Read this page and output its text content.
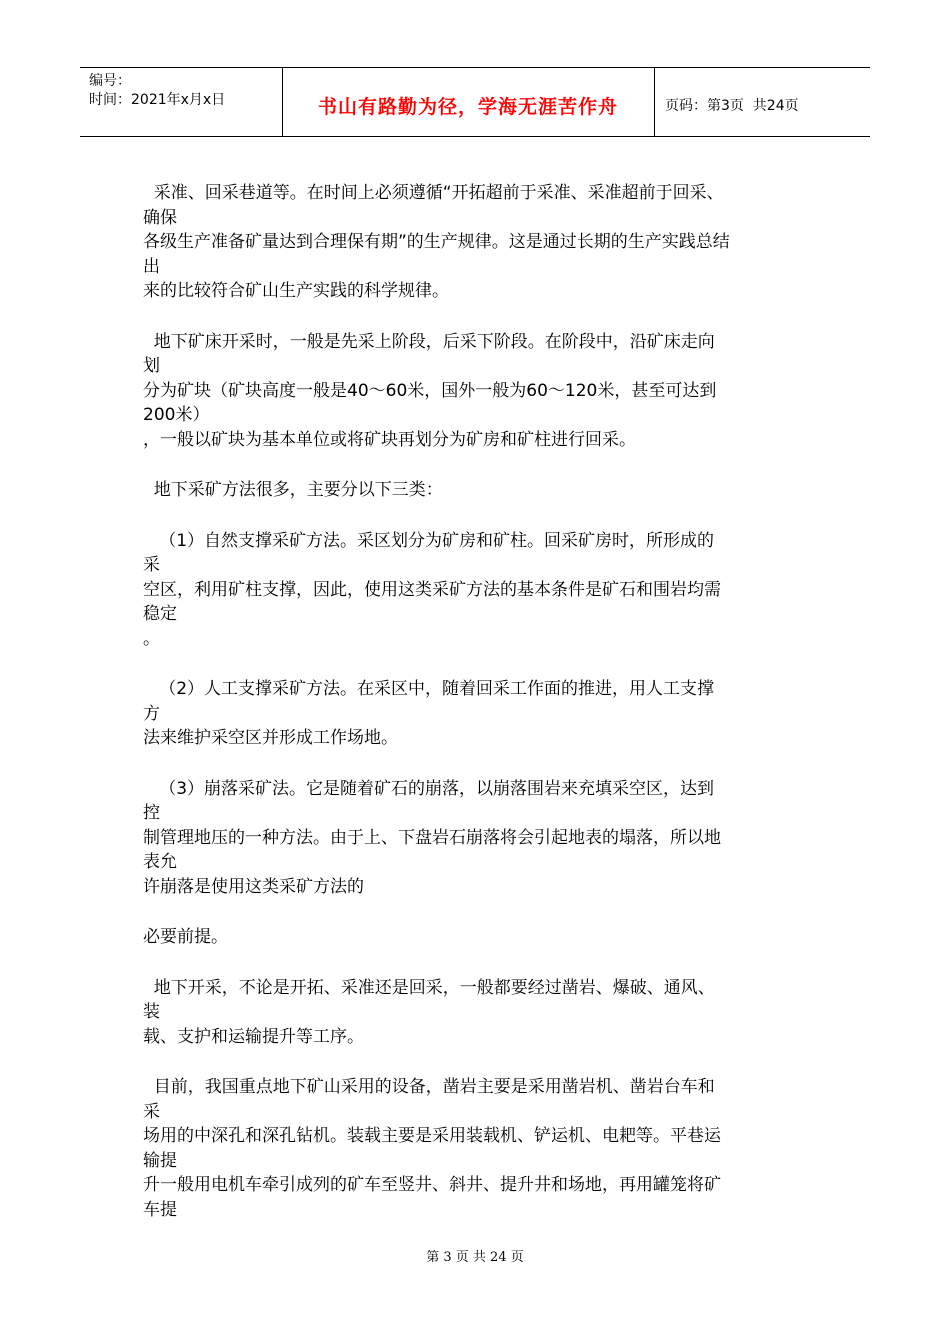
编号：
时间：2021年x月x日	书山有路勤为径，学海无涯苦作舟	页码：第3页  共24页
采准、回采巷道等。在时间上必须遵循“开拓超前于采准、采准超前于回采、
确保
各级生产准备矿量达到合理保有期”的生产规律。这是通过长期的生产实践总结
出
来的比较符合矿山生产实践的科学规律。
地下矿床开采时，一般是先采上阶段，后采下阶段。在阶段中，沿矿床走向
划
分为矿块（矿块高度一般是40～60米，国外一般为60～120米，甚至可达到
200米）
，一般以矿块为基本单位或将矿块再划分为矿房和矿柱进行回采。
地下采矿方法很多，主要分以下三类：
（1）自然支撑采矿方法。采区划分为矿房和矿柱。回采矿房时，所形成的
采
空区，利用矿柱支撑，因此，使用这类采矿方法的基本条件是矿石和围岩均需
稳定
。
（2）人工支撑采矿方法。在采区中，随着回采工作面的推进，用人工支撑
方
法来维护采空区并形成工作场地。
（3）崩落采矿法。它是随着矿石的崩落，以崩落围岩来充填采空区，达到
控
制管理地压的一种方法。由于上、下盘岩石崩落将会引起地表的塌落，所以地
表允
许崩落是使用这类采矿方法的
必要前提。
地下开采，不论是开拓、采准还是回采，一般都要经过凿岩、爆破、通风、
装
载、支护和运输提升等工序。
目前，我国重点地下矿山采用的设备，凿岩主要是采用凿岩机、凿岩台车和
采
场用的中深孔和深孔钻机。装载主要是采用装载机、铲运机、电耙等。平巷运
输提
升一般用电机车牵引成列的矿车至竖井、斜井、提升井和场地，再用罐笼将矿
车提
第 3 页 共 24 页
